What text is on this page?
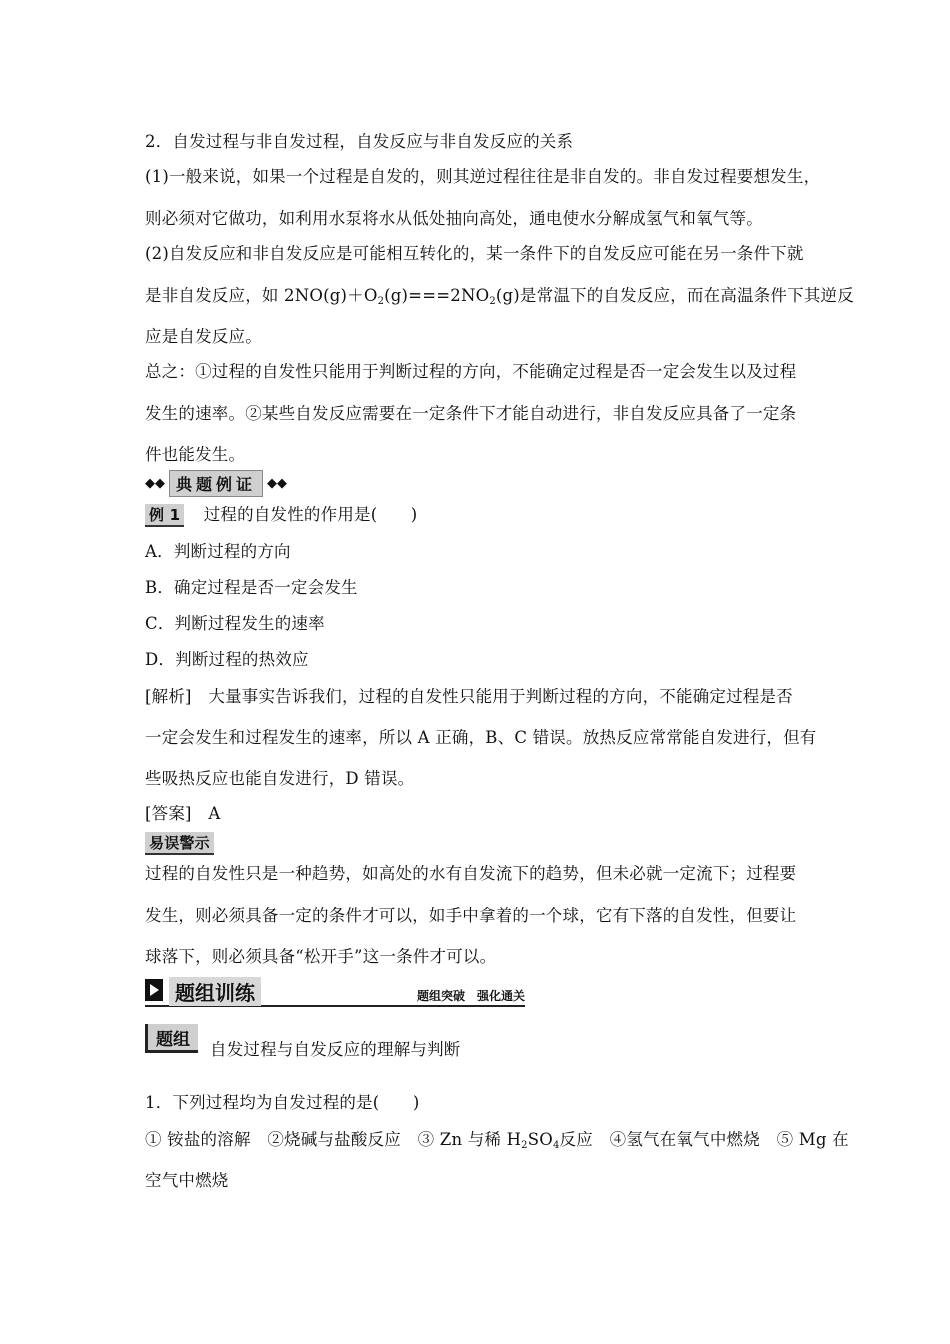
2．自发过程与非自发过程，自发反应与非自发反应的关系
(1)一般来说，如果一个过程是自发的，则其逆过程往往是非自发的。非自发过程要想发生，
则必须对它做功，如利用水泵将水从低处抽向高处，通电使水分解成氢气和氧气等。
(2)自发反应和非自发反应是可能相互转化的，某一条件下的自发反应可能在另一条件下就
是非自发反应，如 2NO(g)＋O2(g)===2NO2(g)是常温下的自发反应，而在高温条件下其逆反
应是自发反应。
总之：①过程的自发性只能用于判断过程的方向，不能确定过程是否一定会发生以及过程
发生的速率。②某些自发反应需要在一定条件下才能自动进行，非自发反应具备了一定条
件也能发生。
◆◆ 典题例证 ◆◆
例 1 过程的自发性的作用是(　　)
A．判断过程的方向
B．确定过程是否一定会发生
C．判断过程发生的速率
D．判断过程的热效应
[解析]　大量事实告诉我们，过程的自发性只能用于判断过程的方向，不能确定过程是否
一定会发生和过程发生的速率，所以 A 正确，B、C 错误。放热反应常常能自发进行，但有
些吸热反应也能自发进行，D 错误。
[答案]　A
易误警示
过程的自发性只是一种趋势，如高处的水有自发流下的趋势，但未必就一定流下；过程要
发生，则必须具备一定的条件才可以，如手中拿着的一个球，它有下落的自发性，但要让
球落下，则必须具备“松开手”这一条件才可以。
题组训练	题组突破　强化通关
题组	自发过程与自发反应的理解与判断
1．下列过程均为自发过程的是(　　)
① 铵盐的溶解　②烧碱与盐酸反应　③ Zn 与稀 H2SO4反应　④氢气在氧气中燃烧　⑤ Mg 在
空气中燃烧
